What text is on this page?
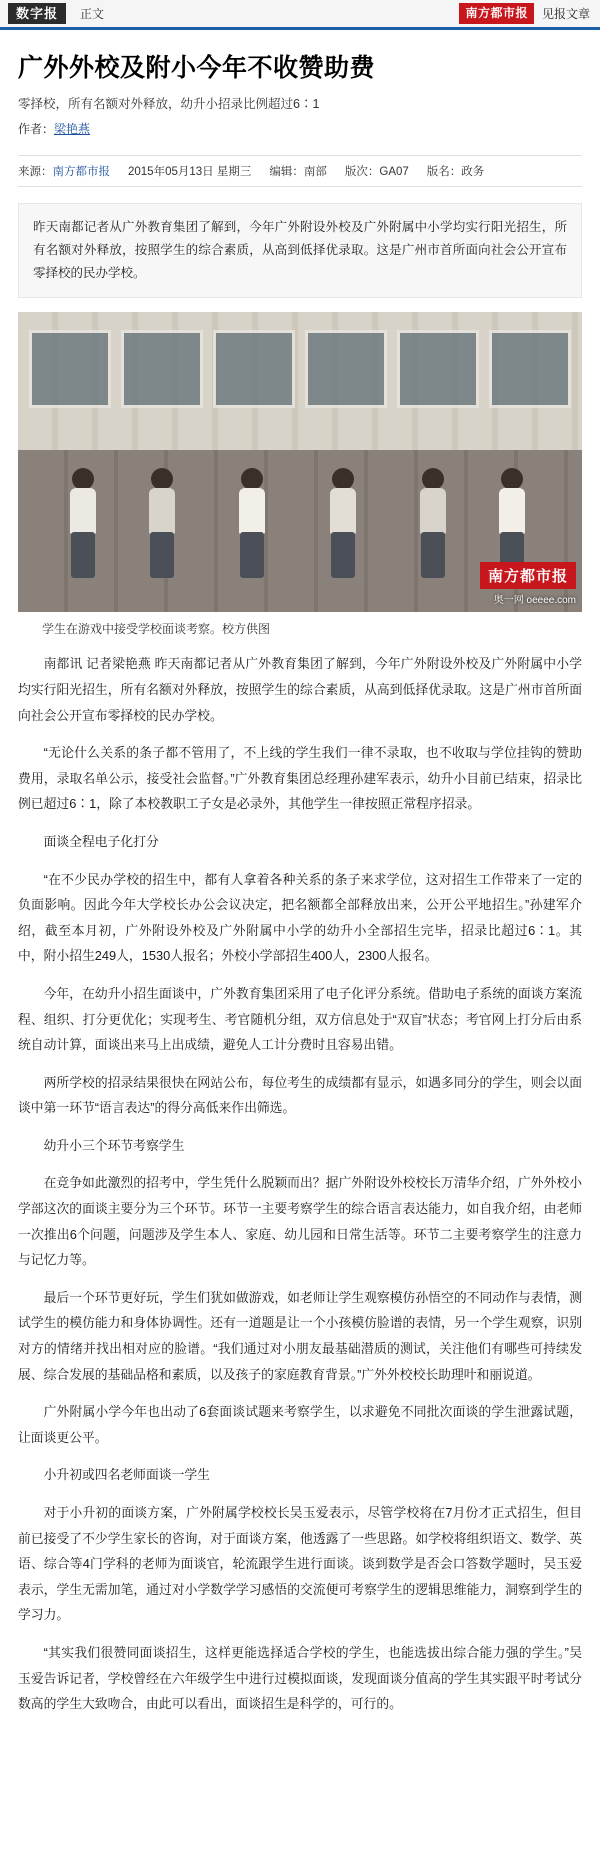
数字报	正文	南方都市报	见报文章
广外外校及附小今年不收赞助费
零择校，所有名额对外释放，幼升小招录比例超过6∶1
作者：梁艳燕
来源：南方都市报 2015年05月13日 星期三 编辑：南部 版次：GA07 版名：政务
昨天南都记者从广外教育集团了解到，今年广外附设外校及广外附属中小学均实行阳光招生，所有名额对外释放，按照学生的综合素质，从高到低择优录取。这是广州市首所面向社会公开宣布零择校的民办学校。
南方都市报
奥一网 oeeee.com
学生在游戏中接受学校面谈考察。校方供图

南都讯 记者梁艳燕 昨天南都记者从广外教育集团了解到，今年广外附设外校及广外附属中小学均实行阳光招生，所有名额对外释放，按照学生的综合素质，从高到低择优录取。这是广州市首所面向社会公开宣布零择校的民办学校。

“无论什么关系的条子都不管用了，不上线的学生我们一律不录取，也不收取与学位挂钩的赞助费用，录取名单公示，接受社会监督。”广外教育集团总经理孙建军表示，幼升小目前已结束，招录比例已超过6∶1，除了本校教职工子女是必录外，其他学生一律按照正常程序招录。

面谈全程电子化打分

“在不少民办学校的招生中，都有人拿着各种关系的条子来求学位，这对招生工作带来了一定的负面影响。因此今年大学校长办公会议决定，把名额都全部释放出来，公开公平地招生。”孙建军介绍，截至本月初，广外附设外校及广外附属中小学的幼升小全部招生完毕，招录比超过6∶1。其中，附小招生249人，1530人报名；外校小学部招生400人，2300人报名。

今年，在幼升小招生面谈中，广外教育集团采用了电子化评分系统。借助电子系统的面谈方案流程、组织、打分更优化；实现考生、考官随机分组，双方信息处于“双盲”状态；考官网上打分后由系统自动计算，面谈出来马上出成绩，避免人工计分费时且容易出错。

两所学校的招录结果很快在网站公布，每位考生的成绩都有显示，如遇多同分的学生，则会以面谈中第一环节“语言表达”的得分高低来作出筛选。

幼升小三个环节考察学生

在竞争如此激烈的招考中，学生凭什么脱颖而出？据广外附设外校校长万清华介绍，广外外校小学部这次的面谈主要分为三个环节。环节一主要考察学生的综合语言表达能力，如自我介绍，由老师一次推出6个问题，问题涉及学生本人、家庭、幼儿园和日常生活等。环节二主要考察学生的注意力与记忆力等。

最后一个环节更好玩，学生们犹如做游戏，如老师让学生观察模仿孙悟空的不同动作与表情，测试学生的模仿能力和身体协调性。还有一道题是让一个小孩模仿脸谱的表情，另一个学生观察，识别对方的情绪并找出相对应的脸谱。“我们通过对小朋友最基础潜质的测试，关注他们有哪些可持续发展、综合发展的基础品格和素质，以及孩子的家庭教育背景。”广外外校校长助理叶和丽说道。

广外附属小学今年也出动了6套面谈试题来考察学生，以求避免不同批次面谈的学生泄露试题，让面谈更公平。

小升初或四名老师面谈一学生

对于小升初的面谈方案，广外附属学校校长吴玉爱表示，尽管学校将在7月份才正式招生，但目前已接受了不少学生家长的咨询，对于面谈方案，他透露了一些思路。如学校将组织语文、数学、英语、综合等4门学科的老师为面谈官，轮流跟学生进行面谈。谈到数学是否会口答数学题时，吴玉爱表示，学生无需加笔，通过对小学数学学习感悟的交流便可考察学生的逻辑思维能力，洞察到学生的学习力。

“其实我们很赞同面谈招生，这样更能选择适合学校的学生，也能选拔出综合能力强的学生。”吴玉爱告诉记者，学校曾经在六年级学生中进行过模拟面谈，发现面谈分值高的学生其实跟平时考试分数高的学生大致吻合，由此可以看出，面谈招生是科学的，可行的。
